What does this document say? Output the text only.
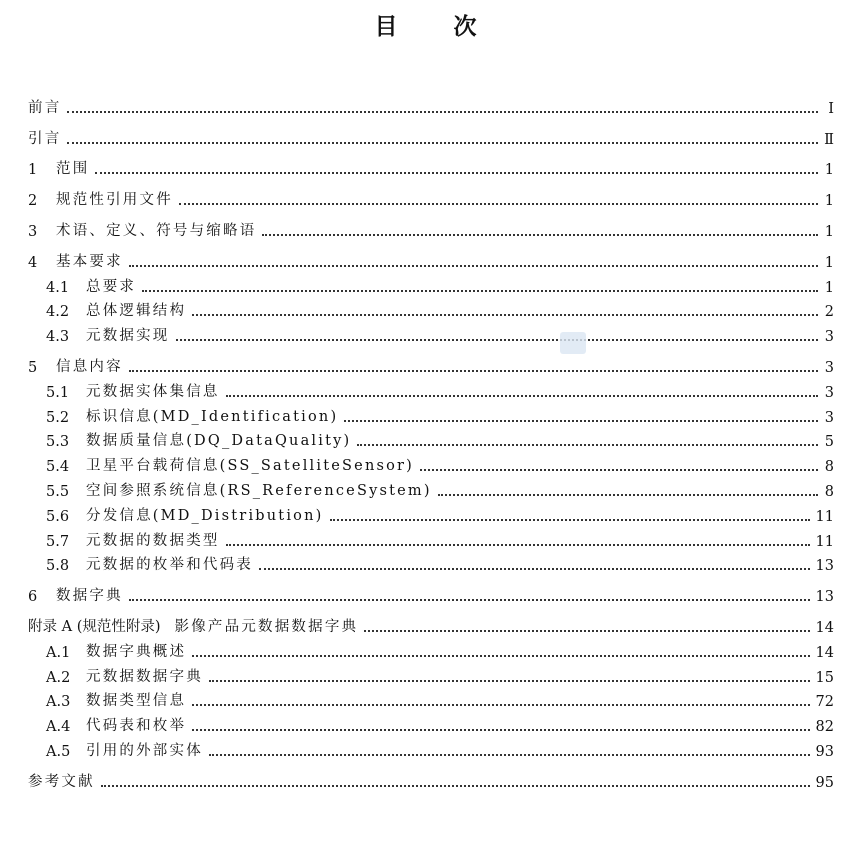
目 次
前言	Ⅰ
引言	Ⅱ
1	范围	1
2	规范性引用文件	1
3	术语、定义、符号与缩略语	1
4	基本要求	1
4.1	总要求	1
4.2	总体逻辑结构	2
4.3	元数据实现	3
5	信息内容	3
5.1	元数据实体集信息	3
5.2	标识信息(MD_Identification)	3
5.3	数据质量信息(DQ_DataQuality)	5
5.4	卫星平台载荷信息(SS_SatelliteSensor)	8
5.5	空间参照系统信息(RS_ReferenceSystem)	8
5.6	分发信息(MD_Distribution)	11
5.7	元数据的数据类型	11
5.8	元数据的枚举和代码表	13
6	数据字典	13
附录 A (规范性附录) 影像产品元数据数据字典	14
A.1	数据字典概述	14
A.2	元数据数据字典	15
A.3	数据类型信息	72
A.4	代码表和枚举	82
A.5	引用的外部实体	93
参考文献	95
